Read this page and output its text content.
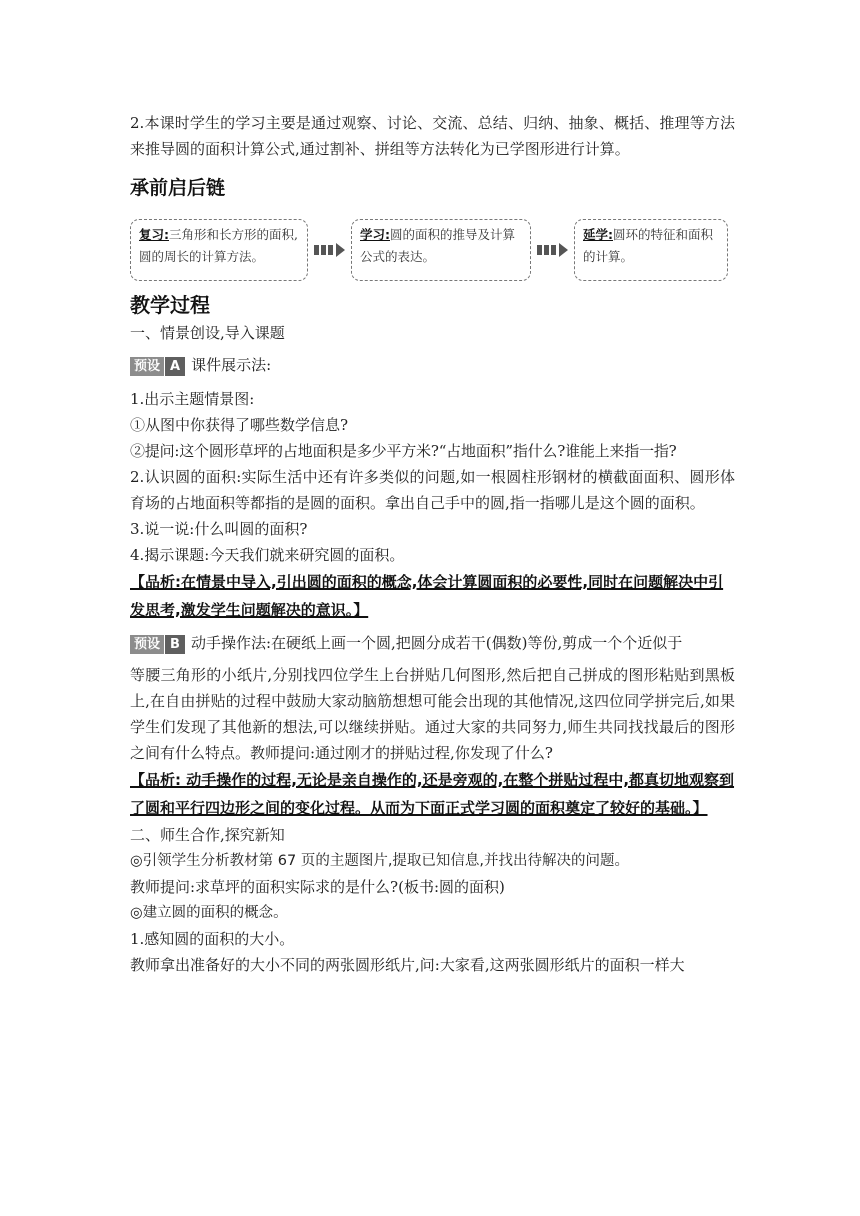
2.本课时学生的学习主要是通过观察、讨论、交流、总结、归纳、抽象、概括、推理等方法来推导圆的面积计算公式,通过割补、拼组等方法转化为已学图形进行计算。

承前启后链

复习:三角形和长方形的面积,圆的周长的计算方法。
学习:圆的面积的推导及计算公式的表达。
延学:圆环的特征和面积的计算。

教学过程

一、情景创设,导入课题

预设 A 课件展示法:

1.出示主题情景图:

①从图中你获得了哪些数学信息?

②提问:这个圆形草坪的占地面积是多少平方米?“占地面积”指什么?谁能上来指一指?

2.认识圆的面积:实际生活中还有许多类似的问题,如一根圆柱形钢材的横截面面积、圆形体育场的占地面积等都指的是圆的面积。拿出自己手中的圆,指一指哪儿是这个圆的面积。

3.说一说:什么叫圆的面积?

4.揭示课题:今天我们就来研究圆的面积。

【品析:在情景中导入,引出圆的面积的概念,体会计算圆面积的必要性,同时在问题解决中引发思考,激发学生问题解决的意识。】

预设 B 动手操作法:在硬纸上画一个圆,把圆分成若干(偶数)等份,剪成一个个近似于

等腰三角形的小纸片,分别找四位学生上台拼贴几何图形,然后把自己拼成的图形粘贴到黑板上,在自由拼贴的过程中鼓励大家动脑筋想想可能会出现的其他情况,这四位同学拼完后,如果学生们发现了其他新的想法,可以继续拼贴。通过大家的共同努力,师生共同找找最后的图形之间有什么特点。教师提问:通过刚才的拼贴过程,你发现了什么?

【品析: 动手操作的过程,无论是亲自操作的,还是旁观的,在整个拼贴过程中,都真切地观察到了圆和平行四边形之间的变化过程。从而为下面正式学习圆的面积奠定了较好的基础。】

二、师生合作,探究新知

◎引领学生分析教材第 67 页的主题图片,提取已知信息,并找出待解决的问题。

教师提问:求草坪的面积实际求的是什么?(板书:圆的面积)

◎建立圆的面积的概念。

1.感知圆的面积的大小。

教师拿出准备好的大小不同的两张圆形纸片,问:大家看,这两张圆形纸片的面积一样大
